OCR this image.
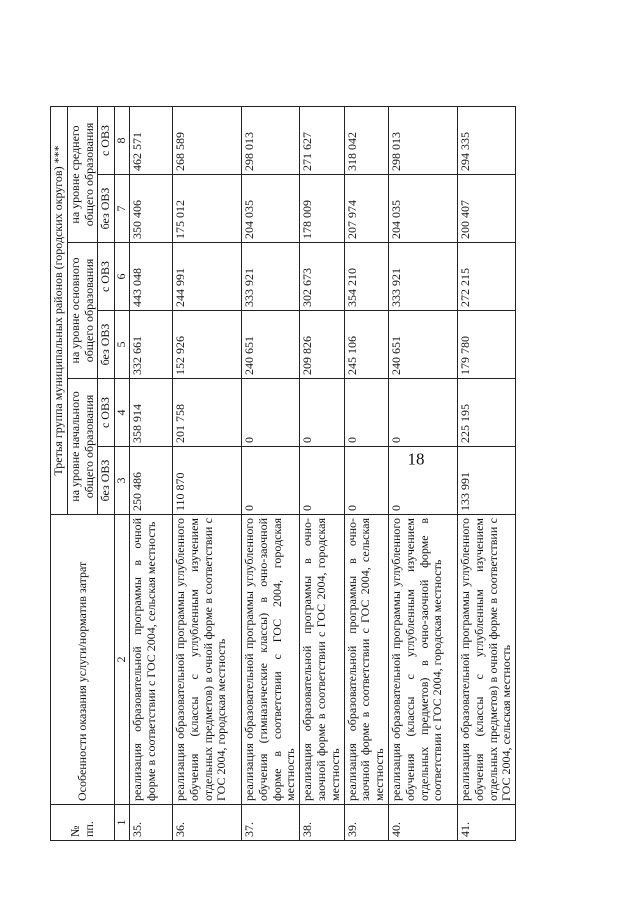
18
№ пп.	Особенности оказания услуги/норматив затрат	Третья группа муниципальных районов (городских округов) ***					
		на уровне начального общего образования		на уровне основного общего образования		на уровне среднего общего образования	
		без ОВЗ	с ОВЗ	без ОВЗ	с ОВЗ	без ОВЗ	с ОВЗ
1	2	3	4	5	6	7	8
35.	реализация образовательной программы в очной форме в соответствии с ГОС 2004, сельская местность	250 486	358 914	332 661	443 048	350 406	462 571
36.	реализация образовательной программы углубленного обучения (классы с углубленным изучением отдельных предметов) в очной форме в соответствии с ГОС 2004, городская местность	110 870	201 758	152 926	244 991	175 012	268 589
37.	реализация образовательной программы углубленного обучения (гимназические классы) в очно-заочной форме в соответствии с ГОС 2004, городская местность	0	0	240 651	333 921	204 035	298 013
38.	реализация образовательной программы в очно-заочной форме в соответствии с ГОС 2004, городская местность	0	0	209 826	302 673	178 009	271 627
39.	реализация образовательной программы в очно-заочной форме в соответствии с ГОС 2004, сельская местность	0	0	245 106	354 210	207 974	318 042
40.	реализация образовательной программы углубленного обучения (классы с углубленным изучением отдельных предметов) в очно-заочной форме в соответствии с ГОС 2004, городская местность	0	0	240 651	333 921	204 035	298 013
41.	реализация образовательной программы углубленного обучения (классы с углубленным изучением отдельных предметов) в очной форме в соответствии с ГОС 2004, сельская местность	133 991	225 195	179 780	272 215	200 407	294 335
